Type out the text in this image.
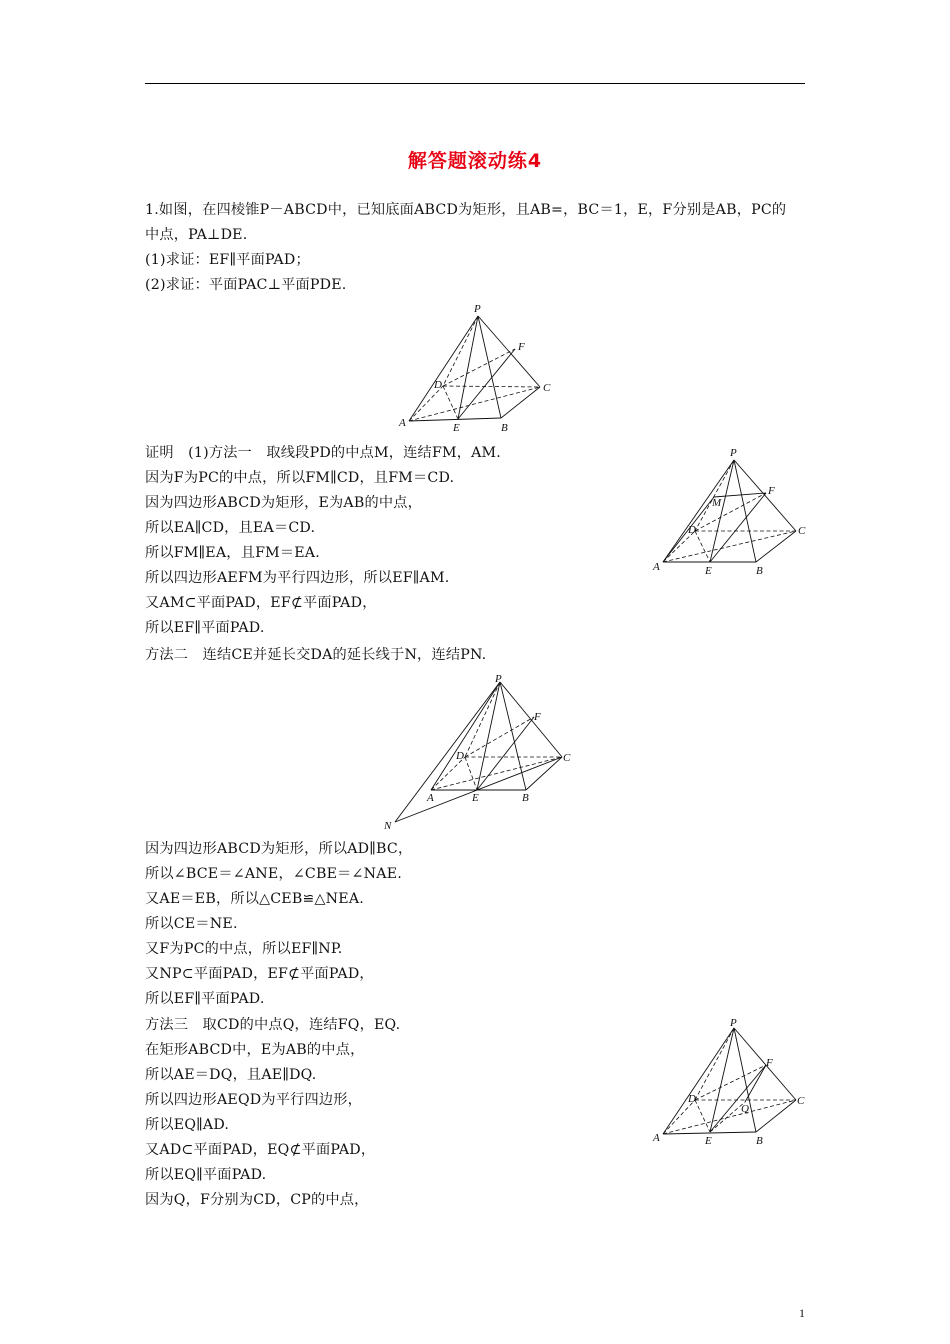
解答题滚动练4
1.如图，在四棱锥P－ABCD中，已知底面ABCD为矩形，且AB=，BC＝1，E，F分别是AB，PC的
中点，PA⊥DE.
(1)求证：EF∥平面PAD；
(2)求证：平面PAC⊥平面PDE.
P
F
D	C
A	E	B
证明　(1)方法一　取线段PD的中点M，连结FM，AM.
因为F为PC的中点，所以FM∥CD，且FM＝CD.
因为四边形ABCD为矩形，E为AB的中点，
所以EA∥CD，且EA＝CD.
所以FM∥EA，且FM＝EA.
所以四边形AEFM为平行四边形，所以EF∥AM.
又AM⊂平面PAD，EF⊄平面PAD，
所以EF∥平面PAD.
方法二　连结CE并延长交DA的延长线于N，连结PN.
P
F
M
D	C
A	E	B
P
F
D	C
A	E	B
N
因为四边形ABCD为矩形，所以AD∥BC，
所以∠BCE＝∠ANE，∠CBE＝∠NAE.
又AE＝EB，所以△CEB≌△NEA.
所以CE＝NE.
又F为PC的中点，所以EF∥NP.
又NP⊂平面PAD，EF⊄平面PAD，
所以EF∥平面PAD.
方法三　取CD的中点Q，连结FQ，EQ.
在矩形ABCD中，E为AB的中点，
所以AE＝DQ，且AE∥DQ.
所以四边形AEQD为平行四边形，
所以EQ∥AD.
又AD⊂平面PAD，EQ⊄平面PAD，
所以EQ∥平面PAD.
因为Q，F分别为CD，CP的中点，
P
F
D
Q
C
A	E	B
1
